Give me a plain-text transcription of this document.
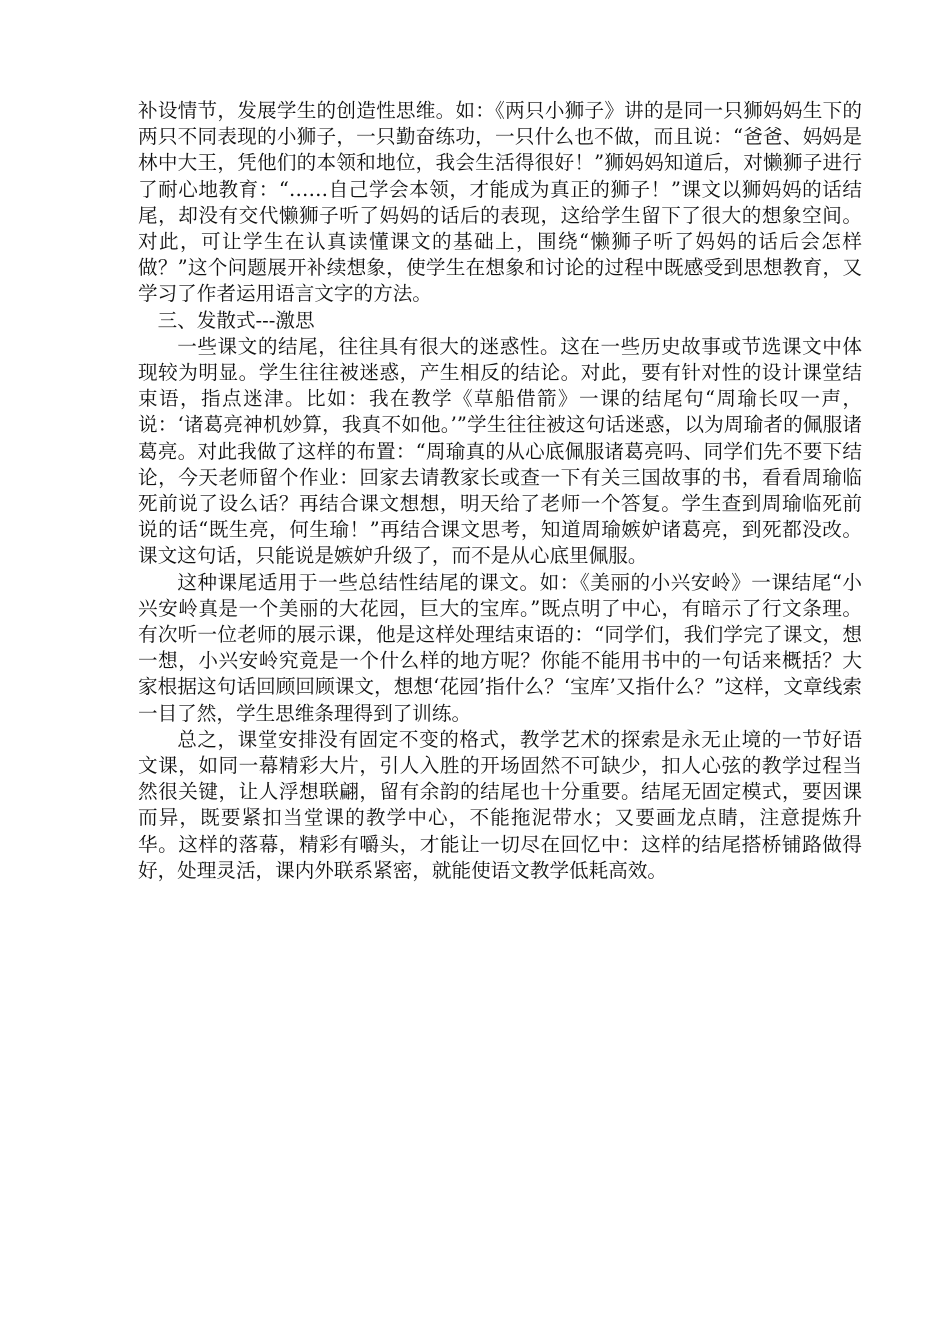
补设情节，发展学生的创造性思维。如：《两只小狮子》讲的是同一只狮妈妈生下的两只不同表现的小狮子，一只勤奋练功，一只什么也不做，而且说：“爸爸、妈妈是林中大王，凭他们的本领和地位，我会生活得很好！”狮妈妈知道后，对懒狮子进行了耐心地教育：“……自己学会本领，才能成为真正的狮子！”课文以狮妈妈的话结尾，却没有交代懒狮子听了妈妈的话后的表现，这给学生留下了很大的想象空间。对此，可让学生在认真读懂课文的基础上，围绕“懒狮子听了妈妈的话后会怎样做？”这个问题展开补续想象，使学生在想象和讨论的过程中既感受到思想教育，又学习了作者运用语言文字的方法。

三、发散式---激思

一些课文的结尾，往往具有很大的迷惑性。这在一些历史故事或节选课文中体现较为明显。学生往往被迷惑，产生相反的结论。对此，要有针对性的设计课堂结束语，指点迷津。比如：我在教学《草船借箭》一课的结尾句“周瑜长叹一声，说：‘诸葛亮神机妙算，我真不如他。’”学生往往被这句话迷惑，以为周瑜者的佩服诸葛亮。对此我做了这样的布置：“周瑜真的从心底佩服诸葛亮吗、同学们先不要下结论，今天老师留个作业：回家去请教家长或查一下有关三国故事的书，看看周瑜临死前说了设么话？再结合课文想想，明天给了老师一个答复。学生查到周瑜临死前说的话“既生亮，何生瑜！”再结合课文思考，知道周瑜嫉妒诸葛亮，到死都没改。课文这句话，只能说是嫉妒升级了，而不是从心底里佩服。

这种课尾适用于一些总结性结尾的课文。如：《美丽的小兴安岭》一课结尾“小兴安岭真是一个美丽的大花园，巨大的宝库。”既点明了中心，有暗示了行文条理。有次听一位老师的展示课，他是这样处理结束语的：“同学们，我们学完了课文，想一想，小兴安岭究竟是一个什么样的地方呢？你能不能用书中的一句话来概括？大家根据这句话回顾回顾课文，想想‘花园’指什么？‘宝库’又指什么？”这样，文章线索一目了然，学生思维条理得到了训练。

总之，课堂安排没有固定不变的格式，教学艺术的探索是永无止境的一节好语文课，如同一幕精彩大片，引人入胜的开场固然不可缺少，扣人心弦的教学过程当然很关键，让人浮想联翩，留有余韵的结尾也十分重要。结尾无固定模式，要因课而异，既要紧扣当堂课的教学中心，不能拖泥带水；又要画龙点睛，注意提炼升华。这样的落幕，精彩有嚼头，才能让一切尽在回忆中：这样的结尾搭桥铺路做得好，处理灵活，课内外联系紧密，就能使语文教学低耗高效。
